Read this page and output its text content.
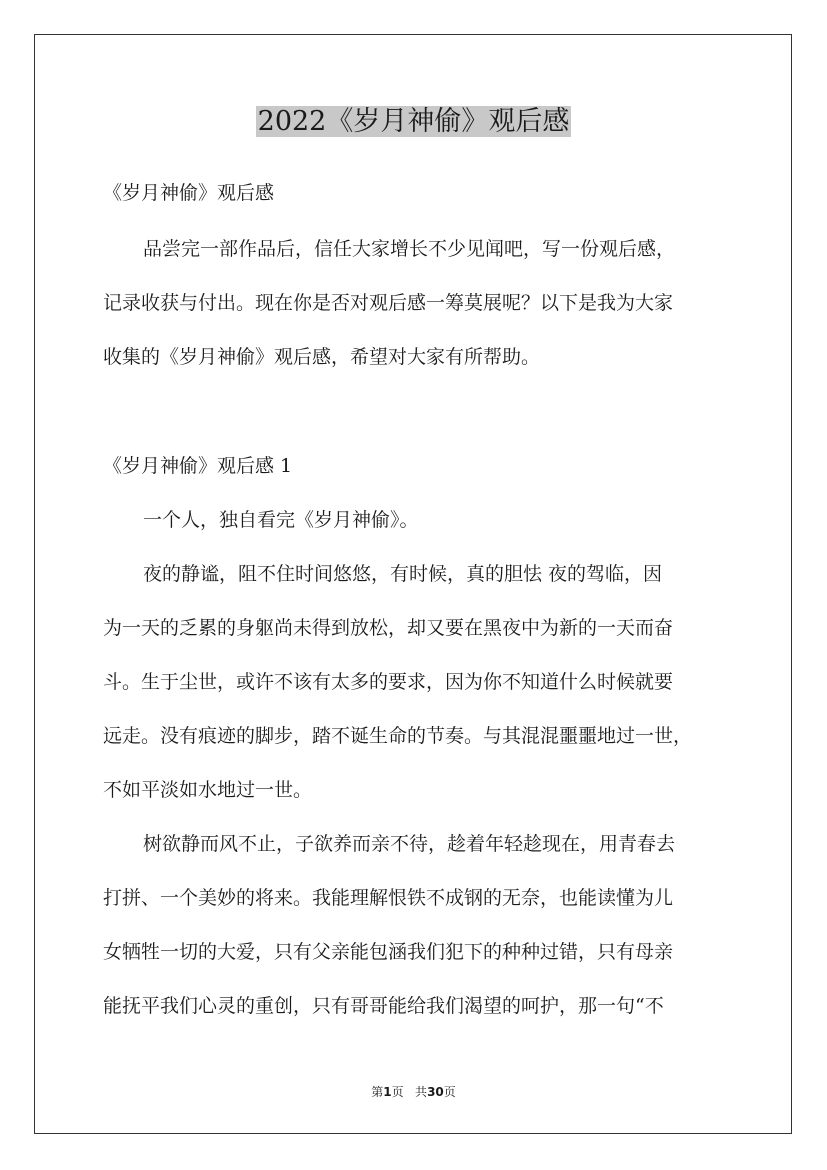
2022《岁月神偷》观后感
《岁月神偷》观后感
品尝完一部作品后，信任大家增长不少见闻吧，写一份观后感，
记录收获与付出。现在你是否对观后感一筹莫展呢？以下是我为大家
收集的《岁月神偷》观后感，希望对大家有所帮助。
《岁月神偷》观后感 1
一个人，独自看完《岁月神偷》。
夜的静谧，阻不住时间悠悠，有时候，真的胆怯 夜的驾临，因
为一天的乏累的身躯尚未得到放松，却又要在黑夜中为新的一天而奋
斗。生于尘世，或许不该有太多的要求，因为你不知道什么时候就要
远走。没有痕迹的脚步，踏不诞生命的节奏。与其混混噩噩地过一世，
不如平淡如水地过一世。
树欲静而风不止，子欲养而亲不待，趁着年轻趁现在，用青春去
打拼、一个美妙的将来。我能理解恨铁不成钢的无奈，也能读懂为儿
女牺牲一切的大爱，只有父亲能包涵我们犯下的种种过错，只有母亲
能抚平我们心灵的重创，只有哥哥能给我们渴望的呵护，那一句“不
第1页 共30页
